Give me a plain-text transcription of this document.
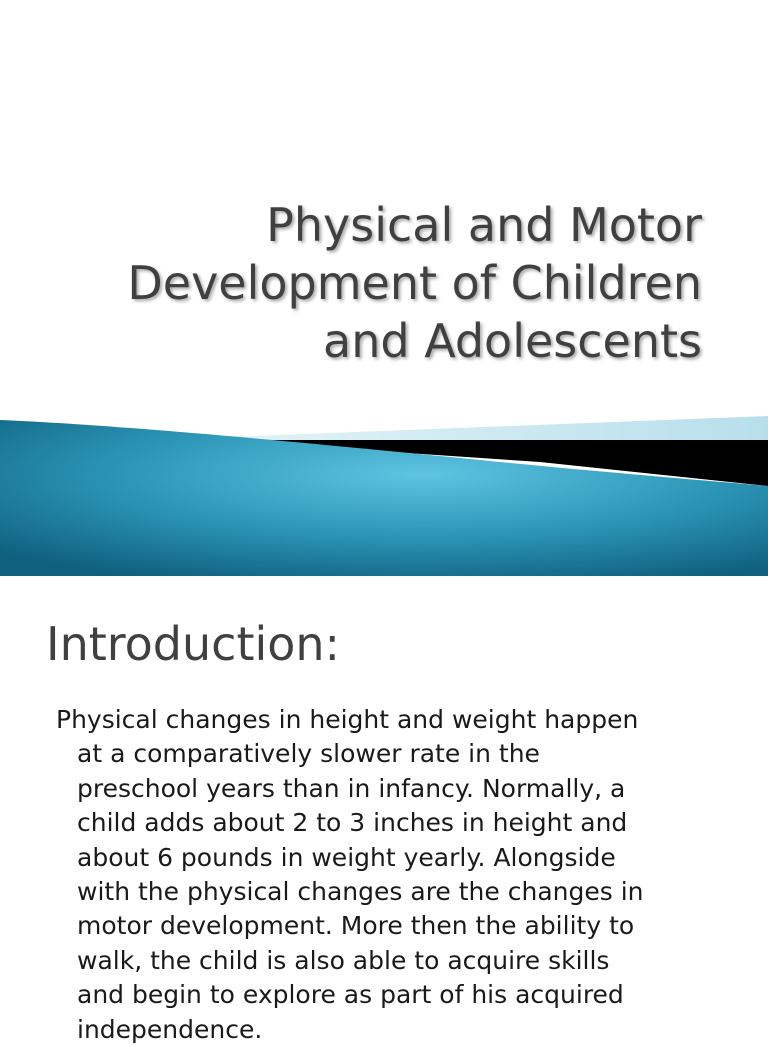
Physical and Motor
Development of Children
and Adolescents
Introduction:

Physical changes in height and weight happen
at a comparatively slower rate in the
preschool years than in infancy. Normally, a
child adds about 2 to 3 inches in height and
about 6 pounds in weight yearly. Alongside
with the physical changes are the changes in
motor development. More then the ability to
walk, the child is also able to acquire skills
and begin to explore as part of his acquired
independence.
